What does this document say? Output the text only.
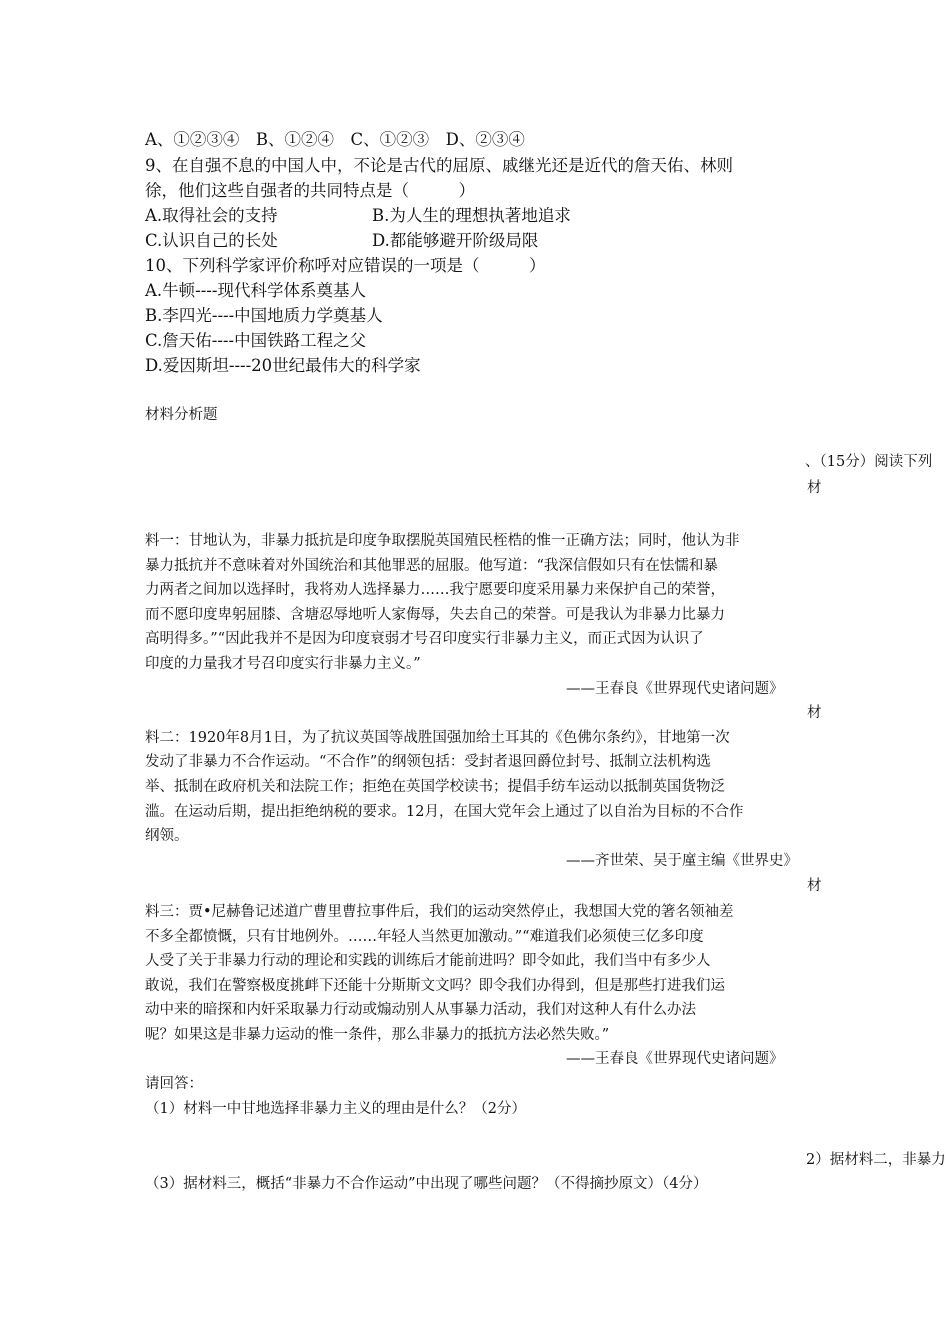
A、①②③④　B、①②④　C、①②③　D、②③④
9、在自强不息的中国人中，不论是古代的屈原、戚继光还是近代的詹天佑、林则
徐，他们这些自强者的共同特点是（　　　）
A.取得社会的支持	B.为人生的理想执著地追求
C.认识自己的长处	D.都能够避开阶级局限
10、下列科学家评价称呼对应错误的一项是（　　　）
A.牛顿----现代科学体系奠基人
B.李四光----中国地质力学奠基人
C.詹天佑----中国铁路工程之父
D.爱因斯坦----20世纪最伟大的科学家
材料分析题
、（15分）阅读下列
材
料一：甘地认为，非暴力抵抗是印度争取摆脱英国殖民桎梏的惟一正确方法；同时，他认为非
暴力抵抗并不意味着对外国统治和其他罪恶的屈服。他写道：“我深信假如只有在怯懦和暴
力两者之间加以选择时，我将劝人选择暴力……我宁愿要印度采用暴力来保护自己的荣誉，
而不愿印度卑躬屈膝、含塘忍辱地听人家侮辱，失去自己的荣誉。可是我认为非暴力比暴力
高明得多。”“因此我并不是因为印度衰弱才号召印度实行非暴力主义，而正式因为认识了
印度的力量我才号召印度实行非暴力主义。”
——王春良《世界现代史诸问题》
材
料二：1920年8月1日，为了抗议英国等战胜国强加给土耳其的《色佛尔条约》，甘地第一次
发动了非暴力不合作运动。“不合作”的纲领包括：受封者退回爵位封号、抵制立法机构选
举、抵制在政府机关和法院工作；拒绝在英国学校读书；提倡手纺车运动以抵制英国货物泛
滥。在运动后期，提出拒绝纳税的要求。12月，在国大党年会上通过了以自治为目标的不合作
纲领。
——齐世荣、吴于廑主编《世界史》
材
料三：贾•尼赫鲁记述道广曹里曹拉事件后，我们的运动突然停止，我想国大党的箸名领袖差
不多全都愤慨，只有甘地例外。……年轻人当然更加激动。”“难道我们必须使三亿多印度
人受了关于非暴力行动的理论和实践的训练后才能前进吗？即令如此，我们当中有多少人
敢说，我们在警察极度挑衅下还能十分斯斯文文吗？即令我们办得到，但是那些打进我们运
动中来的暗探和内奸采取暴力行动或煽动别人从事暴力活动，我们对这种人有什么办法
呢？如果这是非暴力运动的惟一条件，那么非暴力的抵抗方法必然失败。”
——王春良《世界现代史诸问题》
请回答：
（1）材料一中甘地选择非暴力主义的理由是什么？（2分）
2）据材料二，非暴力
（3）据材料三，概括“非暴力不合作运动”中出现了哪些问题？（不得摘抄原文）（4分）
